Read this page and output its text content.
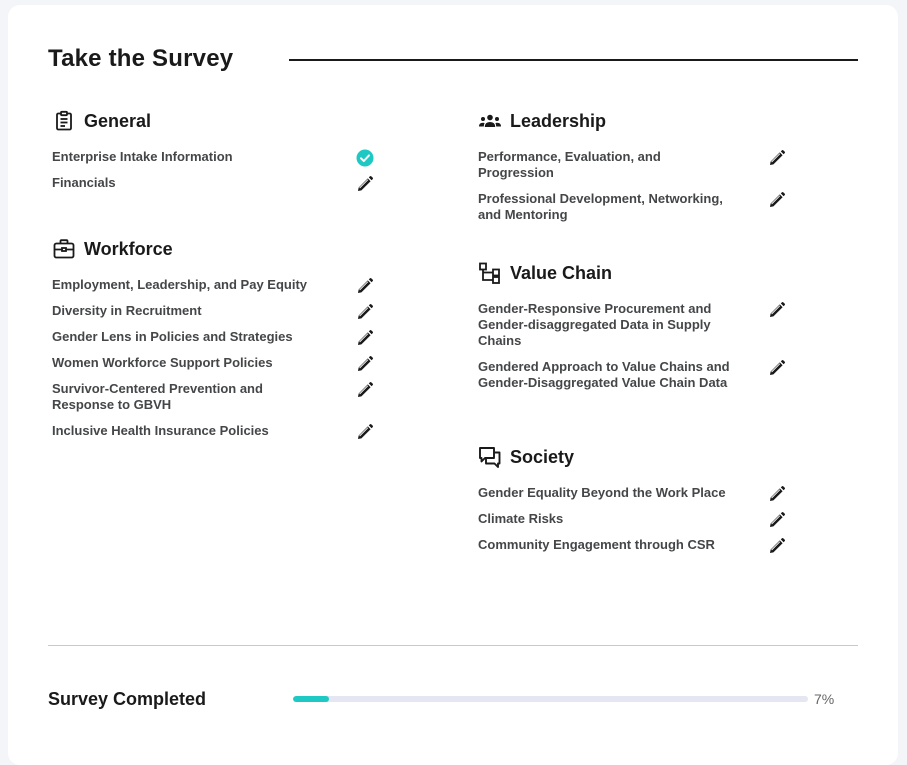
Take the Survey
General
Enterprise Intake Information
Financials
Workforce
Employment, Leadership, and Pay Equity
Diversity in Recruitment
Gender Lens in Policies and Strategies
Women Workforce Support Policies
Survivor-Centered Prevention and Response to GBVH
Inclusive Health Insurance Policies
Leadership
Performance, Evaluation, and Progression
Professional Development, Networking, and Mentoring
Value Chain
Gender-Responsive Procurement and Gender-disaggregated Data in Supply Chains
Gendered Approach to Value Chains and Gender-Disaggregated Value Chain Data
Society
Gender Equality Beyond the Work Place
Climate Risks
Community Engagement through CSR
Survey Completed	7%
